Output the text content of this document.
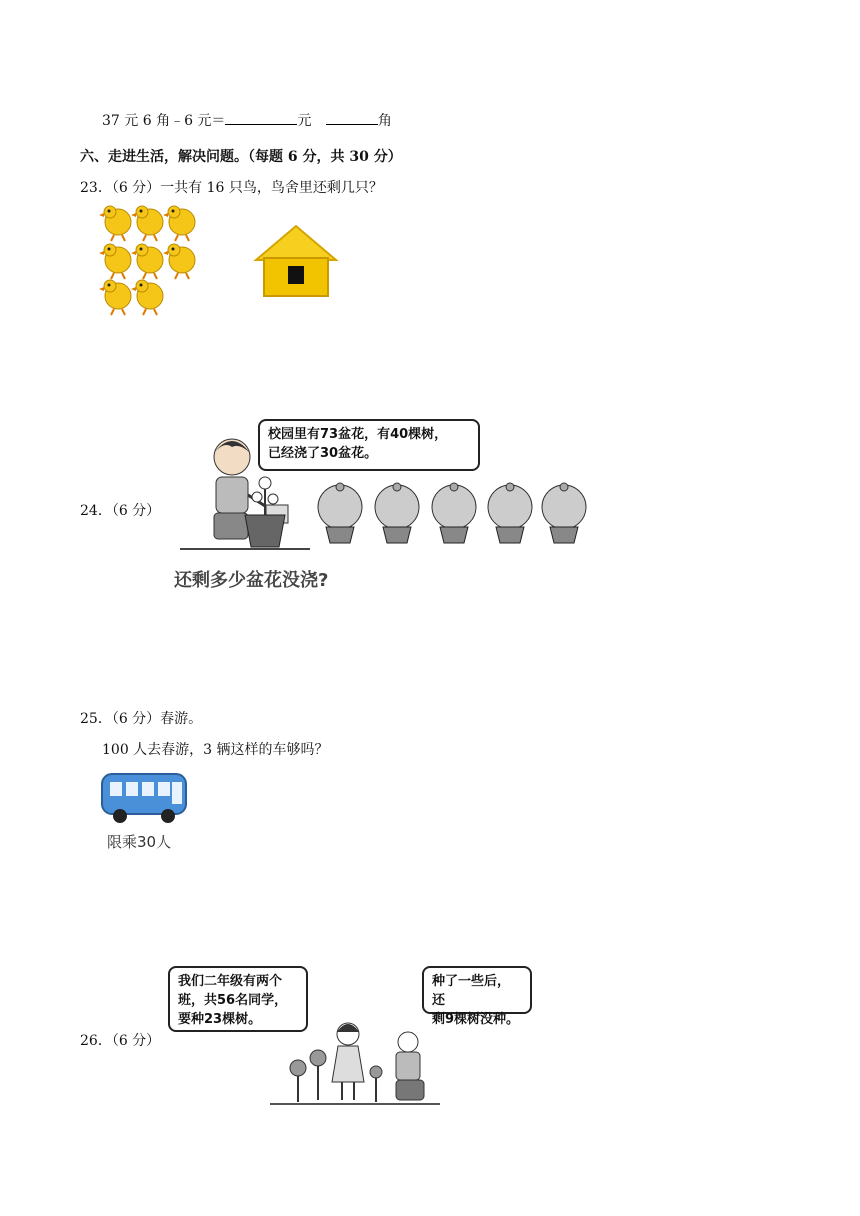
37 元 6 角﹣6 元＝	元	角
六、走进生活，解决问题。（每题 6 分，共 30 分）
23．（6 分）一共有 16 只鸟，鸟舍里还剩几只？
24．（6 分）
校园里有73盆花，有40棵树，
已经浇了30盆花。
还剩多少盆花没浇?
25．（6 分）春游。
100 人去春游，3 辆这样的车够吗？
限乘30人
26．（6 分）
我们二年级有两个
班，共56名同学，
要种23棵树。
种了一些后，还
剩9棵树没种。
